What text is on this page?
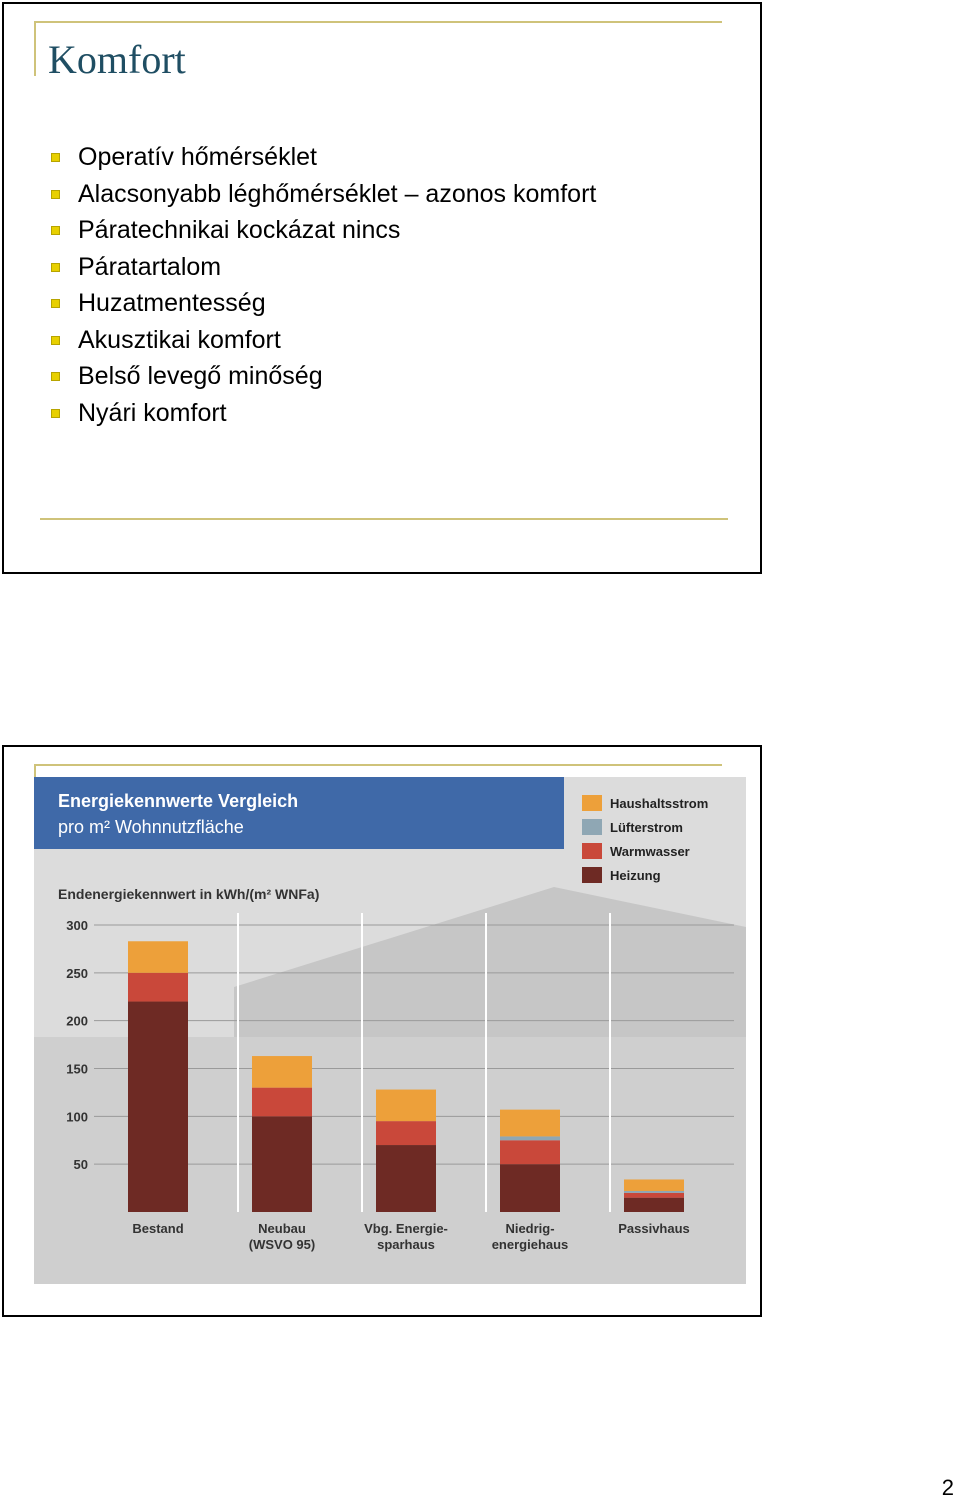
Komfort
Operatív hőmérséklet
Alacsonyabb léghőmérséklet – azonos komfort
Páratechnikai kockázat nincs
Páratartalom
Huzatmentesség
Akusztikai komfort
Belső levegő minőség
Nyári komfort
Energiekennwerte Vergleich
pro m² Wohnnutzfläche
Haushaltsstrom
Lüfterstrom
Warmwasser
Heizung
Endenergiekennwert in kWh/(m² WNFa)
50
100
150
200
250
300
Bestand	Neubau
(WSVO 95)
Vbg. Energie-
sparhaus
Niedrig-
energiehaus
Passivhaus
2
